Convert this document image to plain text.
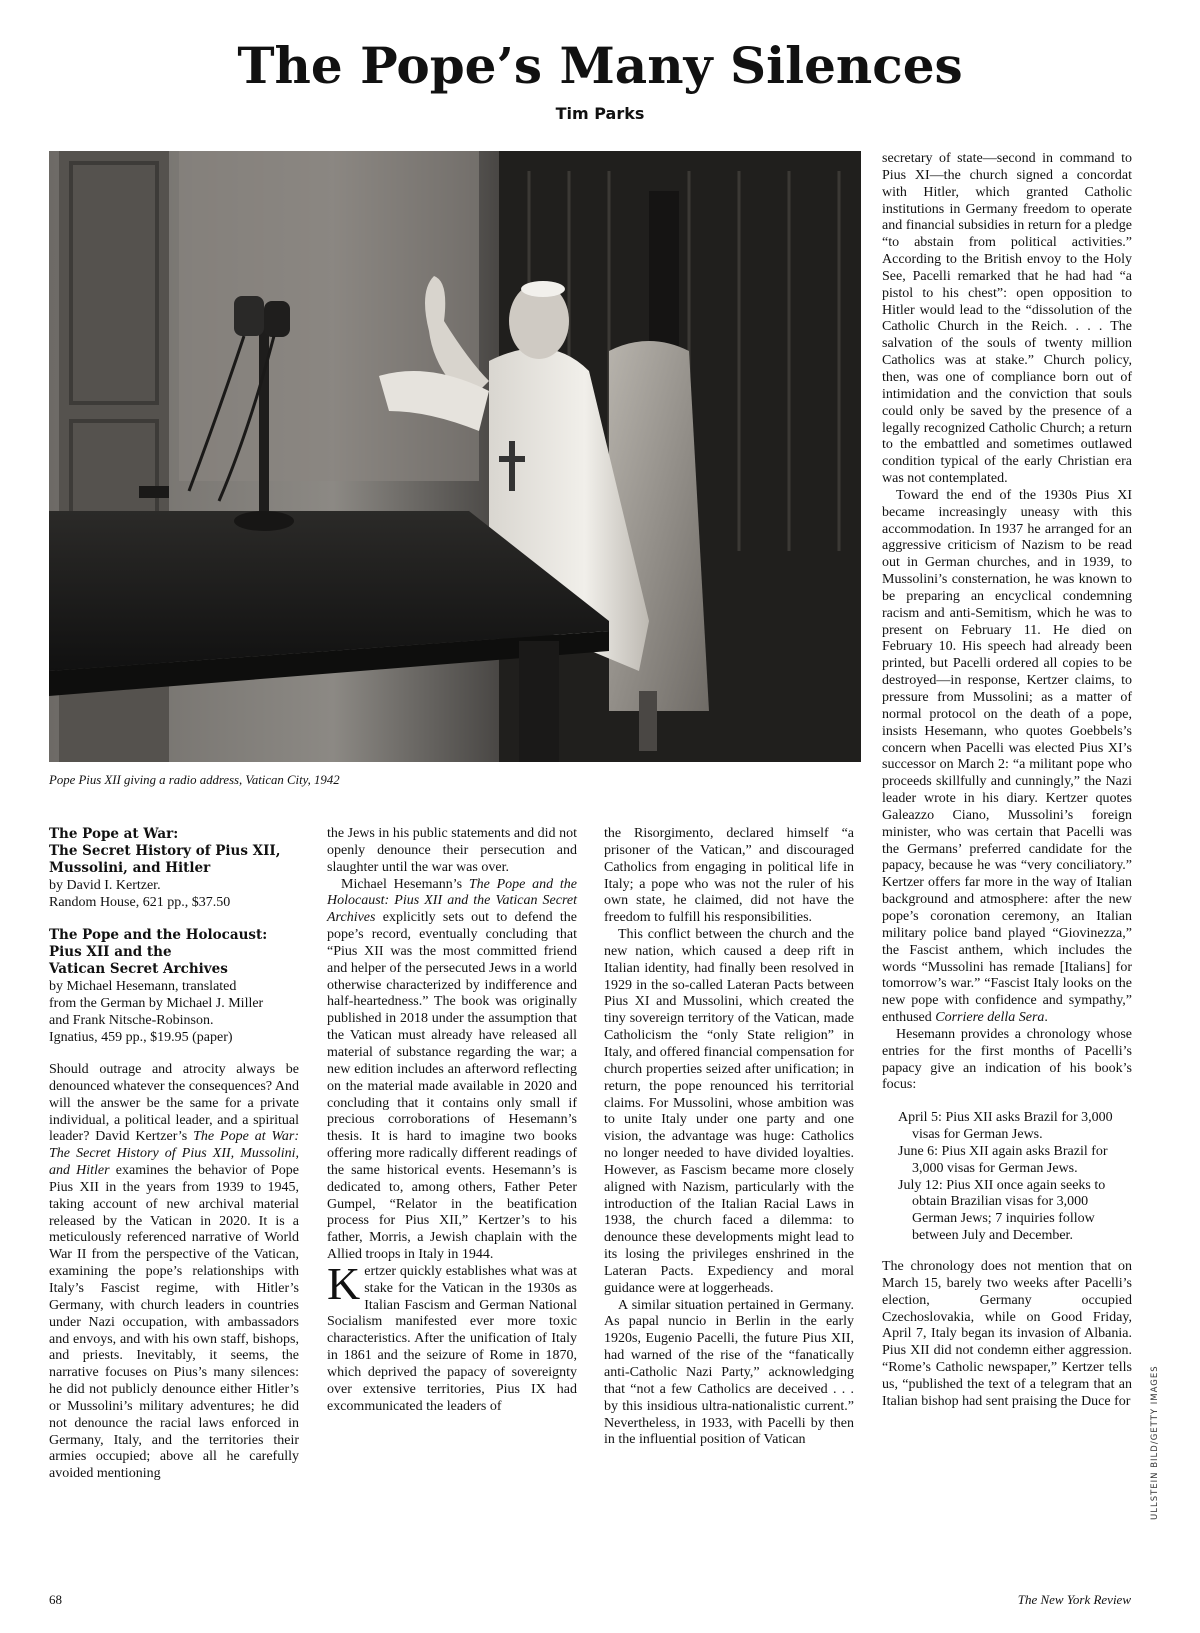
The Pope’s Many Silences
Tim Parks
Pope Pius XII giving a radio address, Vatican City, 1942
The Pope at War:
The Secret History of Pius XII,
Mussolini, and Hitler
by David I. Kertzer.
Random House, 621 pp., $37.50
The Pope and the Holocaust:
Pius XII and the
Vatican Secret Archives
by Michael Hesemann, translated
from the German by Michael J. Miller
and Frank Nitsche-Robinson.
Ignatius, 459 pp., $19.95 (paper)

Should outrage and atrocity always be denounced whatever the consequences? And will the answer be the same for a private individual, a political leader, and a spiritual leader? David Kertzer’s The Pope at War: The Secret History of Pius XII, Mussolini, and Hitler examines the behavior of Pope Pius XII in the years from 1939 to 1945, taking account of new archival material released by the Vatican in 2020. It is a meticulously referenced narrative of World War II from the perspective of the Vatican, examining the pope’s relationships with Italy’s Fascist regime, with Hitler’s Germany, with church leaders in countries under Nazi occupation, with ambassadors and envoys, and with his own staff, bishops, and priests. Inevitably, it seems, the narrative focuses on Pius’s many silences: he did not publicly denounce either Hitler’s or Mussolini’s military adventures; he did not denounce the racial laws enforced in Germany, Italy, and the territories their armies occupied; above all he carefully avoided mentioning

the Jews in his public statements and did not openly denounce their persecution and slaughter until the war was over.

Michael Hesemann’s The Pope and the Holocaust: Pius XII and the Vatican Secret Archives explicitly sets out to defend the pope’s record, eventually concluding that “Pius XII was the most committed friend and helper of the persecuted Jews in a world otherwise characterized by indifference and half-heartedness.” The book was originally published in 2018 under the assumption that the Vatican must already have released all material of substance regarding the war; a new edition includes an afterword reflecting on the material made available in 2020 and concluding that it contains only small if precious corroborations of Hesemann’s thesis. It is hard to imagine two books offering more radically different readings of the same historical events. Hesemann’s is dedicated to, among others, Father Peter Gumpel, “Relator in the beatification process for Pius XII,” Kertzer’s to his father, Morris, a Jewish chaplain with the Allied troops in Italy in 1944.

Kertzer quickly establishes what was at stake for the Vatican in the 1930s as Italian Fascism and German National Socialism manifested ever more toxic characteristics. After the unification of Italy in 1861 and the seizure of Rome in 1870, which deprived the papacy of sovereignty over extensive territories, Pius IX had excommunicated the leaders of

the Risorgimento, declared himself “a prisoner of the Vatican,” and discouraged Catholics from engaging in political life in Italy; a pope who was not the ruler of his own state, he claimed, did not have the freedom to fulfill his responsibilities.

This conflict between the church and the new nation, which caused a deep rift in Italian identity, had finally been resolved in 1929 in the so-called Lateran Pacts between Pius XI and Mussolini, which created the tiny sovereign territory of the Vatican, made Catholicism the “only State religion” in Italy, and offered financial compensation for church properties seized after unification; in return, the pope renounced his territorial claims. For Mussolini, whose ambition was to unite Italy under one party and one vision, the advantage was huge: Catholics no longer needed to have divided loyalties. However, as Fascism became more closely aligned with Nazism, particularly with the introduction of the Italian Racial Laws in 1938, the church faced a dilemma: to denounce these developments might lead to its losing the privileges enshrined in the Lateran Pacts. Expediency and moral guidance were at loggerheads.

A similar situation pertained in Germany. As papal nuncio in Berlin in the early 1920s, Eugenio Pacelli, the future Pius XII, had warned of the rise of the “fanatically anti-Catholic Nazi Party,” acknowledging that “not a few Catholics are deceived . . . by this insidious ultra-nationalistic current.” Nevertheless, in 1933, with Pacelli by then in the influential position of Vatican

secretary of state—second in command to Pius XI—the church signed a concordat with Hitler, which granted Catholic institutions in Germany freedom to operate and financial subsidies in return for a pledge “to abstain from political activities.” According to the British envoy to the Holy See, Pacelli remarked that he had had “a pistol to his chest”: open opposition to Hitler would lead to the “dissolution of the Catholic Church in the Reich. . . . The salvation of the souls of twenty million Catholics was at stake.” Church policy, then, was one of compliance born out of intimidation and the conviction that souls could only be saved by the presence of a legally recognized Catholic Church; a return to the embattled and sometimes outlawed condition typical of the early Christian era was not contemplated.

Toward the end of the 1930s Pius XI became increasingly uneasy with this accommodation. In 1937 he arranged for an aggressive criticism of Nazism to be read out in German churches, and in 1939, to Mussolini’s consternation, he was known to be preparing an encyclical condemning racism and anti-Semitism, which he was to present on February 11. He died on February 10. His speech had already been printed, but Pacelli ordered all copies to be destroyed—in response, Kertzer claims, to pressure from Mussolini; as a matter of normal protocol on the death of a pope, insists Hesemann, who quotes Goebbels’s concern when Pacelli was elected Pius XI’s successor on March 2: “a militant pope who proceeds skillfully and cunningly,” the Nazi leader wrote in his diary. Kertzer quotes Galeazzo Ciano, Mussolini’s foreign minister, who was certain that Pacelli was the Germans’ preferred candidate for the papacy, because he was “very conciliatory.” Kertzer offers far more in the way of Italian background and atmosphere: after the new pope’s coronation ceremony, an Italian military police band played “Giovinezza,” the Fascist anthem, which includes the words “Mussolini has remade [Italians] for tomorrow’s war.” “Fascist Italy looks on the new pope with confidence and sympathy,” enthused Corriere della Sera.

Hesemann provides a chronology whose entries for the first months of Pacelli’s papacy give an indication of his book’s focus:

April 5: Pius XII asks Brazil for 3,000 visas for German Jews.
June 6: Pius XII again asks Brazil for 3,000 visas for German Jews.
July 12: Pius XII once again seeks to obtain Brazilian visas for 3,000 German Jews; 7 inquiries follow between July and December.

The chronology does not mention that on March 15, barely two weeks after Pacelli’s election, Germany occupied Czechoslovakia, while on Good Friday, April 7, Italy began its invasion of Albania. Pius XII did not condemn either aggression. “Rome’s Catholic newspaper,” Kertzer tells us, “published the text of a telegram that an Italian bishop had sent praising the Duce for ULLSTEIN BILD/GETTY IMAGES
68	The New York Review
